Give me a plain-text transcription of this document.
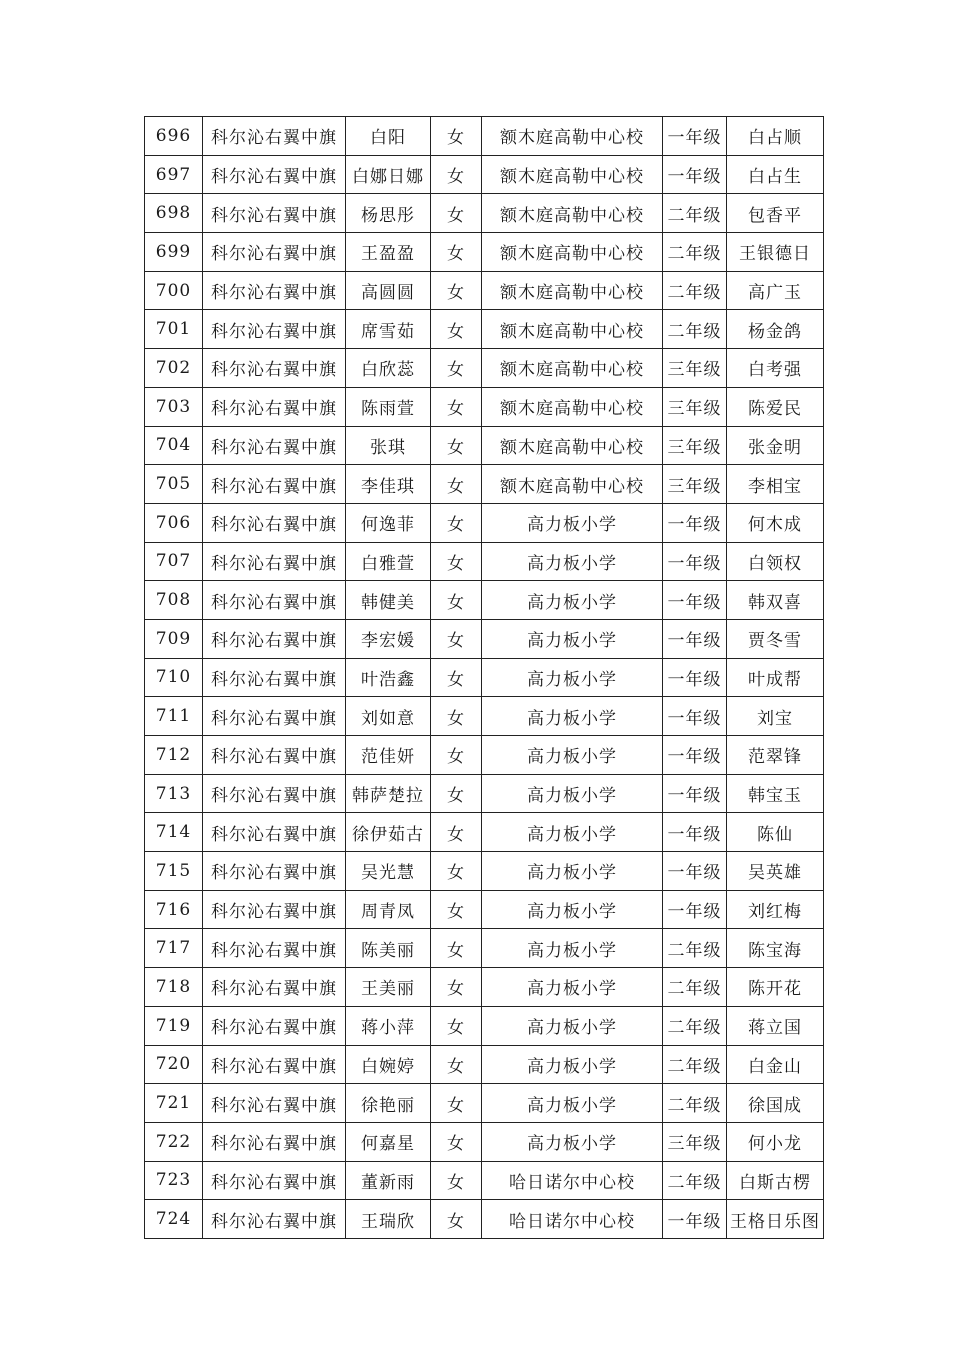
696	科尔沁右翼中旗	白阳	女	额木庭高勒中心校	一年级	白占顺
697	科尔沁右翼中旗	白娜日娜	女	额木庭高勒中心校	一年级	白占生
698	科尔沁右翼中旗	杨思彤	女	额木庭高勒中心校	二年级	包香平
699	科尔沁右翼中旗	王盈盈	女	额木庭高勒中心校	二年级	王银德日
700	科尔沁右翼中旗	高圆圆	女	额木庭高勒中心校	二年级	高广玉
701	科尔沁右翼中旗	席雪茹	女	额木庭高勒中心校	二年级	杨金鸽
702	科尔沁右翼中旗	白欣蕊	女	额木庭高勒中心校	三年级	白考强
703	科尔沁右翼中旗	陈雨萱	女	额木庭高勒中心校	三年级	陈爱民
704	科尔沁右翼中旗	张琪	女	额木庭高勒中心校	三年级	张金明
705	科尔沁右翼中旗	李佳琪	女	额木庭高勒中心校	三年级	李相宝
706	科尔沁右翼中旗	何逸菲	女	高力板小学	一年级	何木成
707	科尔沁右翼中旗	白雅萱	女	高力板小学	一年级	白领权
708	科尔沁右翼中旗	韩健美	女	高力板小学	一年级	韩双喜
709	科尔沁右翼中旗	李宏媛	女	高力板小学	一年级	贾冬雪
710	科尔沁右翼中旗	叶浩鑫	女	高力板小学	一年级	叶成帮
711	科尔沁右翼中旗	刘如意	女	高力板小学	一年级	刘宝
712	科尔沁右翼中旗	范佳妍	女	高力板小学	一年级	范翠锋
713	科尔沁右翼中旗	韩萨楚拉	女	高力板小学	一年级	韩宝玉
714	科尔沁右翼中旗	徐伊茹古	女	高力板小学	一年级	陈仙
715	科尔沁右翼中旗	吴光慧	女	高力板小学	一年级	吴英雄
716	科尔沁右翼中旗	周青凤	女	高力板小学	一年级	刘红梅
717	科尔沁右翼中旗	陈美丽	女	高力板小学	二年级	陈宝海
718	科尔沁右翼中旗	王美丽	女	高力板小学	二年级	陈开花
719	科尔沁右翼中旗	蒋小萍	女	高力板小学	二年级	蒋立国
720	科尔沁右翼中旗	白婉婷	女	高力板小学	二年级	白金山
721	科尔沁右翼中旗	徐艳丽	女	高力板小学	二年级	徐国成
722	科尔沁右翼中旗	何嘉星	女	高力板小学	三年级	何小龙
723	科尔沁右翼中旗	董新雨	女	哈日诺尔中心校	二年级	白斯古楞
724	科尔沁右翼中旗	王瑞欣	女	哈日诺尔中心校	一年级	王格日乐图
